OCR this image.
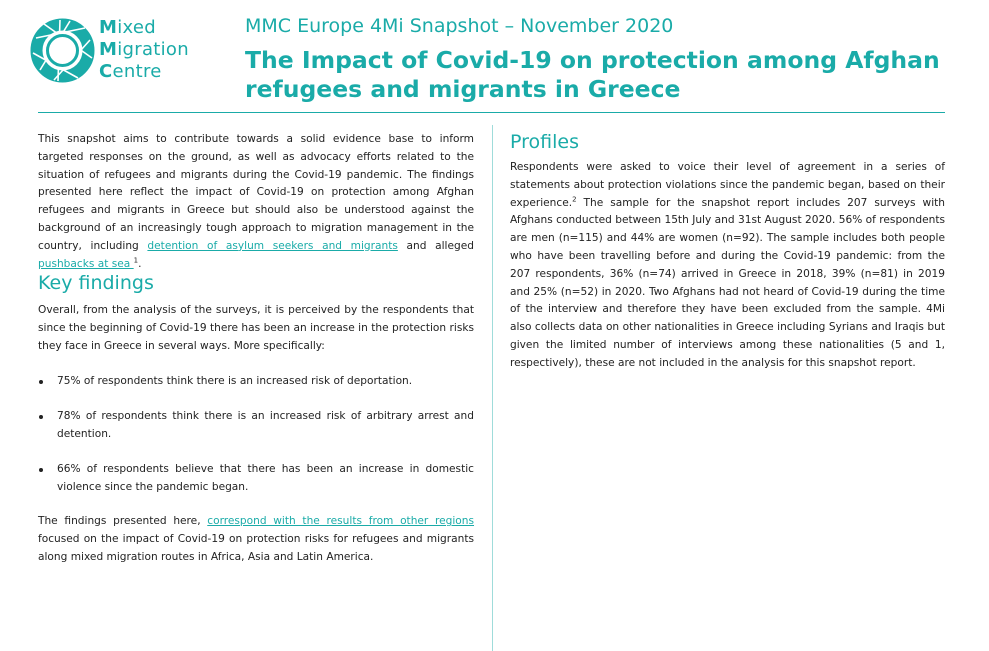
Mixed
Migration
Centre
MMC Europe 4Mi Snapshot – November 2020
The Impact of Covid-19 on protection among Afghan refugees and migrants in Greece

This snapshot aims to contribute towards a solid evidence base to inform targeted responses on the ground, as well as advocacy efforts related to the situation of refugees and migrants during the Covid-19 pandemic. The findings presented here reflect the impact of Covid-19 on protection among Afghan refugees and migrants in Greece but should also be understood against the background of an increasingly tough approach to migration management in the country, including detention of asylum seekers and migrants and alleged pushbacks at sea $^1$.

Key findings

Overall, from the analysis of the surveys, it is perceived by the respondents that since the beginning of Covid-19 there has been an increase in the protection risks they face in Greece in several ways. More specifically:

75% of respondents think there is an increased risk of deportation.
78% of respondents think there is an increased risk of arbitrary arrest and detention.
66% of respondents believe that there has been an increase in domestic violence since the pandemic began.

The findings presented here, correspond with the results from other regions focused on the impact of Covid-19 on protection risks for refugees and migrants along mixed migration routes in Africa, Asia and Latin America.

Profiles

Respondents were asked to voice their level of agreement in a series of statements about protection violations since the pandemic began, based on their experience.$^2$ The sample for the snapshot report includes 207 surveys with Afghans conducted between 15th July and 31st August 2020. 56% of respondents are men (n=115) and 44% are women (n=92). The sample includes both people who have been travelling before and during the Covid-19 pandemic: from the 207 respondents, 36% (n=74) arrived in Greece in 2018, 39% (n=81) in 2019 and 25% (n=52) in 2020. Two Afghans had not heard of Covid-19 during the time of the interview and therefore they have been excluded from the sample. 4Mi also collects data on other nationalities in Greece including Syrians and Iraqis but given the limited number of interviews among these nationalities (5 and 1, respectively), these are not included in the analysis for this snapshot report.
